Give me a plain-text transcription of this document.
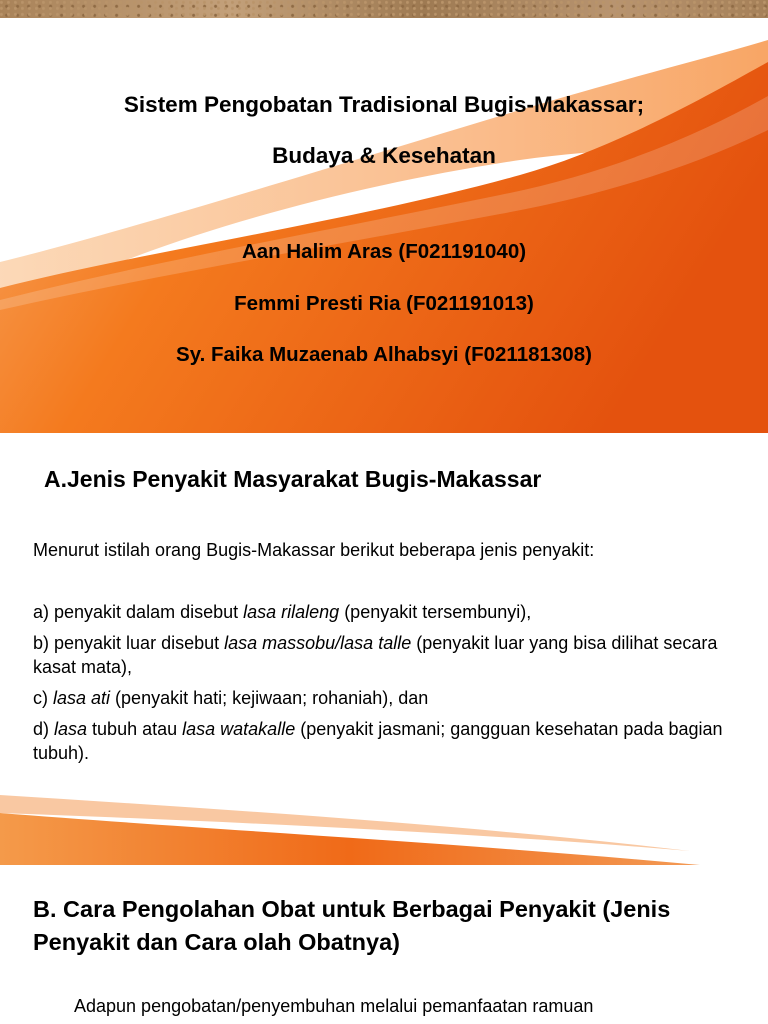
Sistem Pengobatan Tradisional Bugis-Makassar;
Budaya & Kesehatan
Aan Halim Aras (F021191040)
Femmi Presti Ria (F021191013)
Sy. Faika Muzaenab Alhabsyi (F021181308)
A.Jenis Penyakit Masyarakat Bugis-Makassar
Menurut istilah orang Bugis-Makassar berikut beberapa jenis penyakit:
a) penyakit dalam disebut lasa rilaleng (penyakit tersembunyi),
b) penyakit luar disebut lasa massobu/lasa talle (penyakit luar yang bisa dilihat secara kasat mata),
c) lasa ati (penyakit hati; kejiwaan; rohaniah), dan
d) lasa tubuh atau lasa watakalle (penyakit jasmani; gangguan kesehatan pada bagian tubuh).
B. Cara Pengolahan Obat untuk Berbagai Penyakit (Jenis Penyakit dan Cara olah Obatnya)
Adapun pengobatan/penyembuhan melalui pemanfaatan ramuan
